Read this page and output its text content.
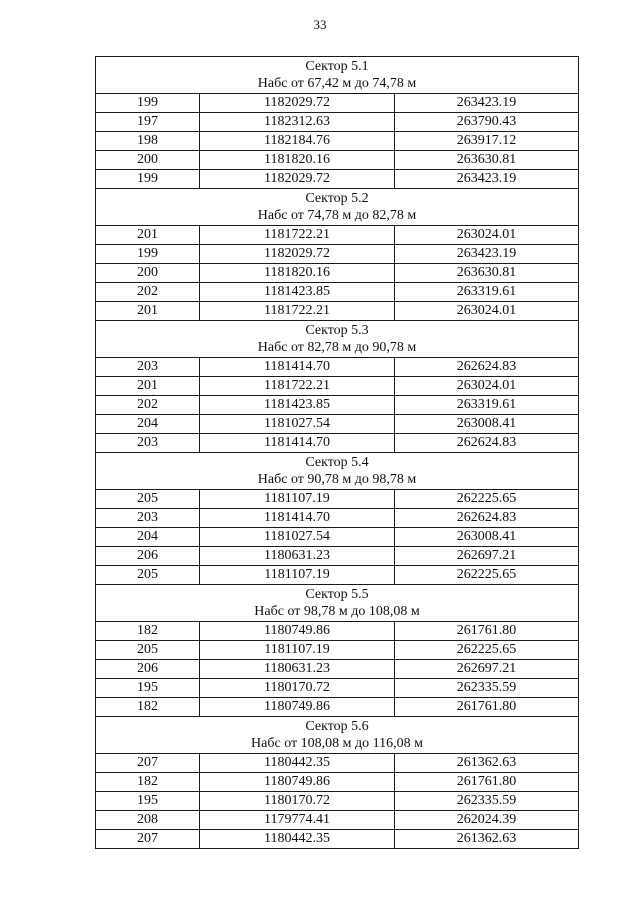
33
Сектор 5.1
Набс от 67,42 м до 74,78 м		

199	1182029.72	263423.19
197	1182312.63	263790.43
198	1182184.76	263917.12
200	1181820.16	263630.81
199	1182029.72	263423.19

Сектор 5.2
Набс от 74,78 м до 82,78 м		

201	1181722.21	263024.01
199	1182029.72	263423.19
200	1181820.16	263630.81
202	1181423.85	263319.61
201	1181722.21	263024.01

Сектор 5.3
Набс от 82,78 м до 90,78 м		

203	1181414.70	262624.83
201	1181722.21	263024.01
202	1181423.85	263319.61
204	1181027.54	263008.41
203	1181414.70	262624.83

Сектор 5.4
Набс от 90,78 м до 98,78 м		

205	1181107.19	262225.65
203	1181414.70	262624.83
204	1181027.54	263008.41
206	1180631.23	262697.21
205	1181107.19	262225.65

Сектор 5.5
Набс от 98,78 м до 108,08 м		

182	1180749.86	261761.80
205	1181107.19	262225.65
206	1180631.23	262697.21
195	1180170.72	262335.59
182	1180749.86	261761.80

Сектор 5.6
Набс от 108,08 м до 116,08 м		

207	1180442.35	261362.63
182	1180749.86	261761.80
195	1180170.72	262335.59
208	1179774.41	262024.39
207	1180442.35	261362.63
